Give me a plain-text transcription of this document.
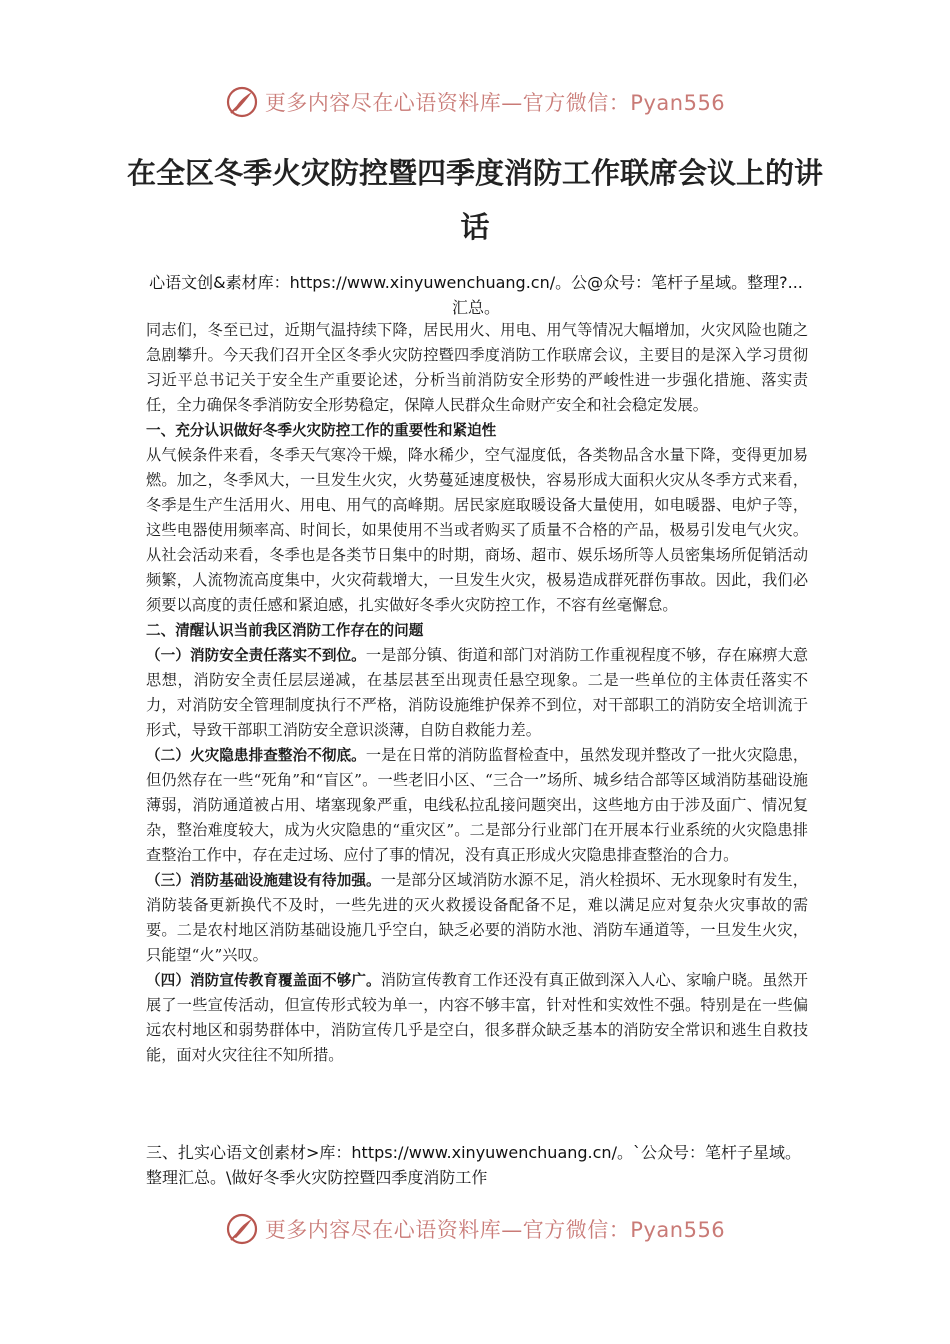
更多内容尽在心语资料库—官方微信：Pyan556
在全区冬季火灾防控暨四季度消防工作联席会议上的讲话
心语文创&素材库：https://www.xinyuwenchuang.cn/。公@众号：笔杆子星域。整理?...汇总。

同志们，冬至已过，近期气温持续下降，居民用火、用电、用气等情况大幅增加，火灾风险也随之急剧攀升。今天我们召开全区冬季火灾防控暨四季度消防工作联席会议，主要目的是深入学习贯彻习近平总书记关于安全生产重要论述，分析当前消防安全形势的严峻性进一步强化措施、落实责任，全力确保冬季消防安全形势稳定，保障人民群众生命财产安全和社会稳定发展。

一、充分认识做好冬季火灾防控工作的重要性和紧迫性

从气候条件来看，冬季天气寒冷干燥，降水稀少，空气湿度低，各类物品含水量下降，变得更加易燃。加之，冬季风大，一旦发生火灾，火势蔓延速度极快，容易形成大面积火灾从冬季方式来看，冬季是生产生活用火、用电、用气的高峰期。居民家庭取暖设备大量使用，如电暖器、电炉子等，这些电器使用频率高、时间长，如果使用不当或者购买了质量不合格的产品，极易引发电气火灾。从社会活动来看，冬季也是各类节日集中的时期，商场、超市、娱乐场所等人员密集场所促销活动频繁，人流物流高度集中，火灾荷载增大，一旦发生火灾，极易造成群死群伤事故。因此，我们必须要以高度的责任感和紧迫感，扎实做好冬季火灾防控工作，不容有丝毫懈怠。

二、清醒认识当前我区消防工作存在的问题

（一）消防安全责任落实不到位。一是部分镇、街道和部门对消防工作重视程度不够，存在麻痹大意思想，消防安全责任层层递减，在基层甚至出现责任悬空现象。二是一些单位的主体责任落实不力，对消防安全管理制度执行不严格，消防设施维护保养不到位，对干部职工的消防安全培训流于形式，导致干部职工消防安全意识淡薄，自防自救能力差。

（二）火灾隐患排查整治不彻底。一是在日常的消防监督检查中，虽然发现并整改了一批火灾隐患，但仍然存在一些“死角”和“盲区”。一些老旧小区、“三合一”场所、城乡结合部等区域消防基础设施薄弱，消防通道被占用、堵塞现象严重，电线私拉乱接问题突出，这些地方由于涉及面广、情况复杂，整治难度较大，成为火灾隐患的“重灾区”。二是部分行业部门在开展本行业系统的火灾隐患排查整治工作中，存在走过场、应付了事的情况，没有真正形成火灾隐患排查整治的合力。

（三）消防基础设施建设有待加强。一是部分区域消防水源不足，消火栓损坏、无水现象时有发生，消防装备更新换代不及时，一些先进的灭火救援设备配备不足，难以满足应对复杂火灾事故的需要。二是农村地区消防基础设施几乎空白，缺乏必要的消防水池、消防车通道等，一旦发生火灾，只能望“火”兴叹。

（四）消防宣传教育覆盖面不够广。消防宣传教育工作还没有真正做到深入人心、家喻户晓。虽然开展了一些宣传活动，但宣传形式较为单一，内容不够丰富，针对性和实效性不强。特别是在一些偏远农村地区和弱势群体中，消防宣传几乎是空白，很多群众缺乏基本的消防安全常识和逃生自救技能，面对火灾往往不知所措。

三、扎实心语文创素材>库：https://www.xinyuwenchuang.cn/。`公众号：笔杆子星域。整理汇总。\做好冬季火灾防控暨四季度消防工作
更多内容尽在心语资料库—官方微信：Pyan556
